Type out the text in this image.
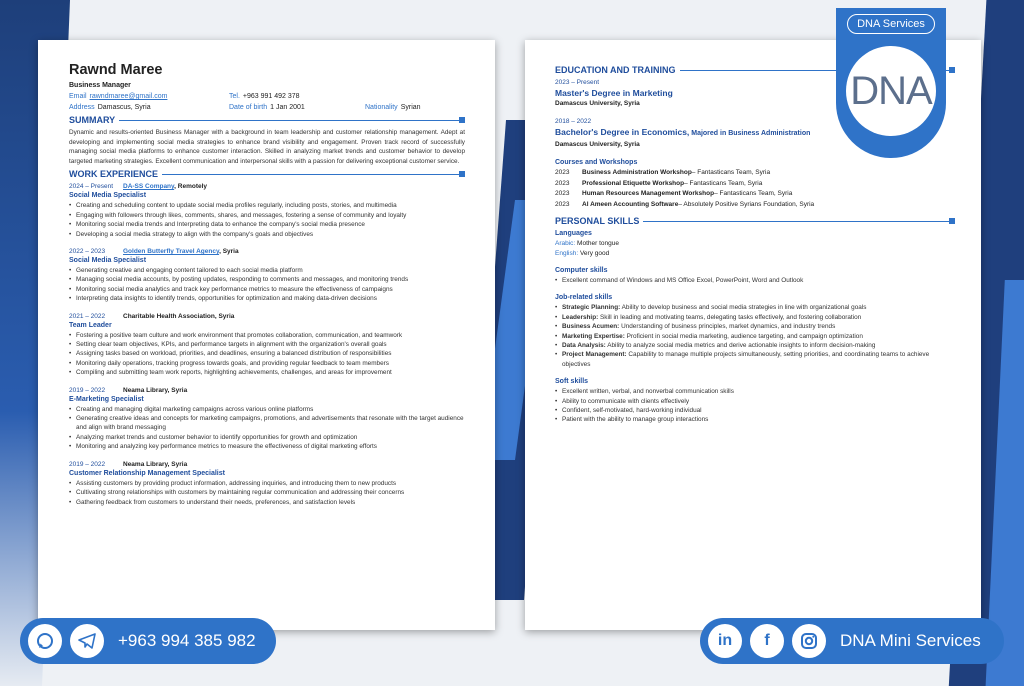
Rawnd Maree
Business Manager
Email rawndmaree@gmail.com	Tel. +963 991 492 378
Address Damascus, Syria	Date of birth 1 Jan 2001	Nationality Syrian
SUMMARY

Dynamic and results-oriented Business Manager with a background in team leadership and customer relationship management. Adept at developing and implementing social media strategies to enhance brand visibility and engagement. Proven track record of successfully managing social media platforms to enhance customer interaction. Skilled in analyzing market trends and customer behavior to develop targeted marketing strategies. Excellent communication and interpersonal skills with a passion for delivering exceptional customer service.

WORK EXPERIENCE
2024 – Present	DA-SS Company, Remotely
Social Media Specialist
• Creating and scheduling content to update social media profiles regularly, including posts, stories, and multimedia
• Engaging with followers through likes, comments, shares, and messages, fostering a sense of community and loyalty
• Monitoring social media trends and Interpreting data to enhance the company's social media presence
• Developing a social media strategy to align with the company's goals and objectives
2022 – 2023	Golden Butterfly Travel Agency, Syria
Social Media Specialist
• Generating creative and engaging content tailored to each social media platform
• Managing social media accounts, by posting updates, responding to comments and messages, and monitoring trends
• Monitoring social media analytics and track key performance metrics to measure the effectiveness of campaigns
• Interpreting data insights to identify trends, opportunities for optimization and making data-driven decisions
2021 – 2022	Charitable Health Association, Syria
Team Leader
• Fostering a positive team culture and work environment that promotes collaboration, communication, and teamwork
• Setting clear team objectives, KPIs, and performance targets in alignment with the organization's overall goals
• Assigning tasks based on workload, priorities, and deadlines, ensuring a balanced distribution of responsibilities
• Monitoring daily operations, tracking progress towards goals, and providing regular feedback to team members
• Compiling and submitting team work reports, highlighting achievements, challenges, and areas for improvement
2019 – 2022	Neama Library, Syria
E-Marketing Specialist
• Creating and managing digital marketing campaigns across various online platforms
• Generating creative ideas and concepts for marketing campaigns, promotions, and advertisements that resonate with the target audience and align with brand messaging
• Analyzing market trends and customer behavior to identify opportunities for growth and optimization
• Monitoring and analyzing key performance metrics to measure the effectiveness of digital marketing efforts
2019 – 2022	Neama Library, Syria
Customer Relationship Management Specialist
• Assisting customers by providing product information, addressing inquiries, and introducing them to new products
• Cultivating strong relationships with customers by maintaining regular communication and addressing their concerns
• Gathering feedback from customers to understand their needs, preferences, and satisfaction levels
EDUCATION AND TRAINING
2023 – Present
Master's Degree in Marketing
Damascus University, Syria
2018 – 2022
Bachelor's Degree in Economics, Majored in Business Administration
Damascus University, Syria
Courses and Workshops
2023	Business Administration Workshop – Fantasticans Team, Syria
2023	Professional Etiquette Workshop – Fantasticans Team, Syria
2023	Human Resources Management Workshop – Fantasticans Team, Syria
2023	Al Ameen Accounting Software – Absolutely Positive Syrians Foundation, Syria
PERSONAL SKILLS
Languages
Arabic: Mother tongue
English: Very good
Computer skills
• Excellent command of Windows and MS Office Excel, PowerPoint, Word and Outlook
Job-related skills
• Strategic Planning: Ability to develop business and social media strategies in line with organizational goals
• Leadership: Skill in leading and motivating teams, delegating tasks effectively, and fostering collaboration
• Business Acumen: Understanding of business principles, market dynamics, and industry trends
• Marketing Expertise: Proficient in social media marketing, audience targeting, and campaign optimization
• Data Analysis: Ability to analyze social media metrics and derive actionable insights to inform decision-making
• Project Management: Capability to manage multiple projects simultaneously, setting priorities, and coordinating teams to achieve objectives
Soft skills
• Excellent written, verbal, and nonverbal communication skills
• Ability to communicate with clients effectively
• Confident, self-motivated, hard-working individual
• Patient with the ability to manage group interactions
DNA Services
DNA
+963 994 385 982	in	f	DNA Mini Services
